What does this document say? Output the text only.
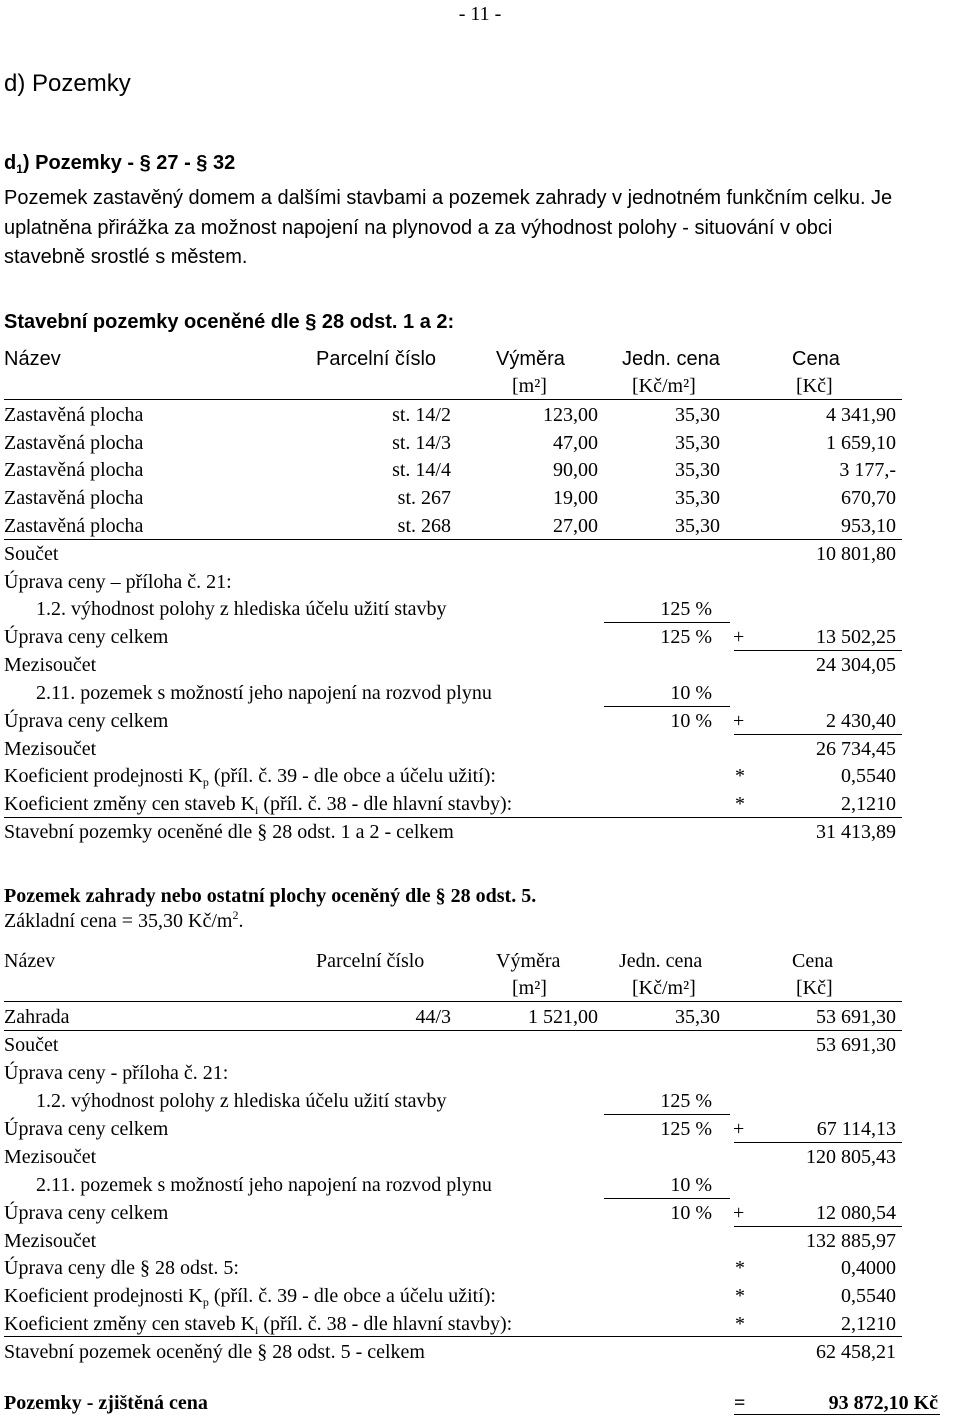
- 11 -
d) Pozemky
$d_1$) Pozemky - § 27 - § 32
Pozemek zastavěný domem a dalšími stavbami a pozemek zahrady v jednotném funkčním celku. Je
uplatněna přirážka za možnost napojení na plynovod a za výhodnost polohy - situování v obci
stavebně srostlé s městem.
Stavební pozemky oceněné dle § 28 odst. 1 a 2:
Název	Parcelní číslo	Výměra	Jedn. cena	Cena
[m²]	[Kč/m²]	[Kč]
Zastavěná plocha	st. 14/2	123,00	35,30	4 341,90
Zastavěná plocha	st. 14/3	47,00	35,30	1 659,10
Zastavěná plocha	st. 14/4	90,00	35,30	3 177,-
Zastavěná plocha	st. 267	19,00	35,30	670,70
Zastavěná plocha	st. 268	27,00	35,30	953,10
Součet	10 801,80
Úprava ceny – příloha č. 21:
1.2. výhodnost polohy z hlediska účelu užití stavby	125 %
Úprava ceny celkem	125 % +	13 502,25
Mezisoučet	24 304,05
2.11. pozemek s možností jeho napojení na rozvod plynu	10 %
Úprava ceny celkem	10 % +	2 430,40
Mezisoučet	26 734,45
Koeficient prodejnosti $K_p$ (příl. č. 39 - dle obce a účelu užití):	*	0,5540
Koeficient změny cen staveb $K_i$ (příl. č. 38 - dle hlavní stavby):	*	2,1210
Stavební pozemky oceněné dle § 28 odst. 1 a 2 - celkem	31 413,89
Pozemek zahrady nebo ostatní plochy oceněný dle § 28 odst. 5.
Základní cena = 35,30 $Kč/m^2$.
Název	Parcelní číslo	Výměra	Jedn. cena	Cena
[m²]	[Kč/m²]	[Kč]
Zahrada	44/3	1 521,00	35,30	53 691,30
Součet	53 691,30
Úprava ceny - příloha č. 21:
1.2. výhodnost polohy z hlediska účelu užití stavby	125 %
Úprava ceny celkem	125 % +	67 114,13
Mezisoučet	120 805,43
2.11. pozemek s možností jeho napojení na rozvod plynu	10 %
Úprava ceny celkem	10 % +	12 080,54
Mezisoučet	132 885,97
Úprava ceny dle § 28 odst. 5:	*	0,4000
Koeficient prodejnosti $K_p$ (příl. č. 39 - dle obce a účelu užití):	*	0,5540
Koeficient změny cen staveb $K_i$ (příl. č. 38 - dle hlavní stavby):	*	2,1210
Stavební pozemek oceněný dle § 28 odst. 5 - celkem	62 458,21
Pozemky - zjištěná cena	=	93 872,10 Kč
